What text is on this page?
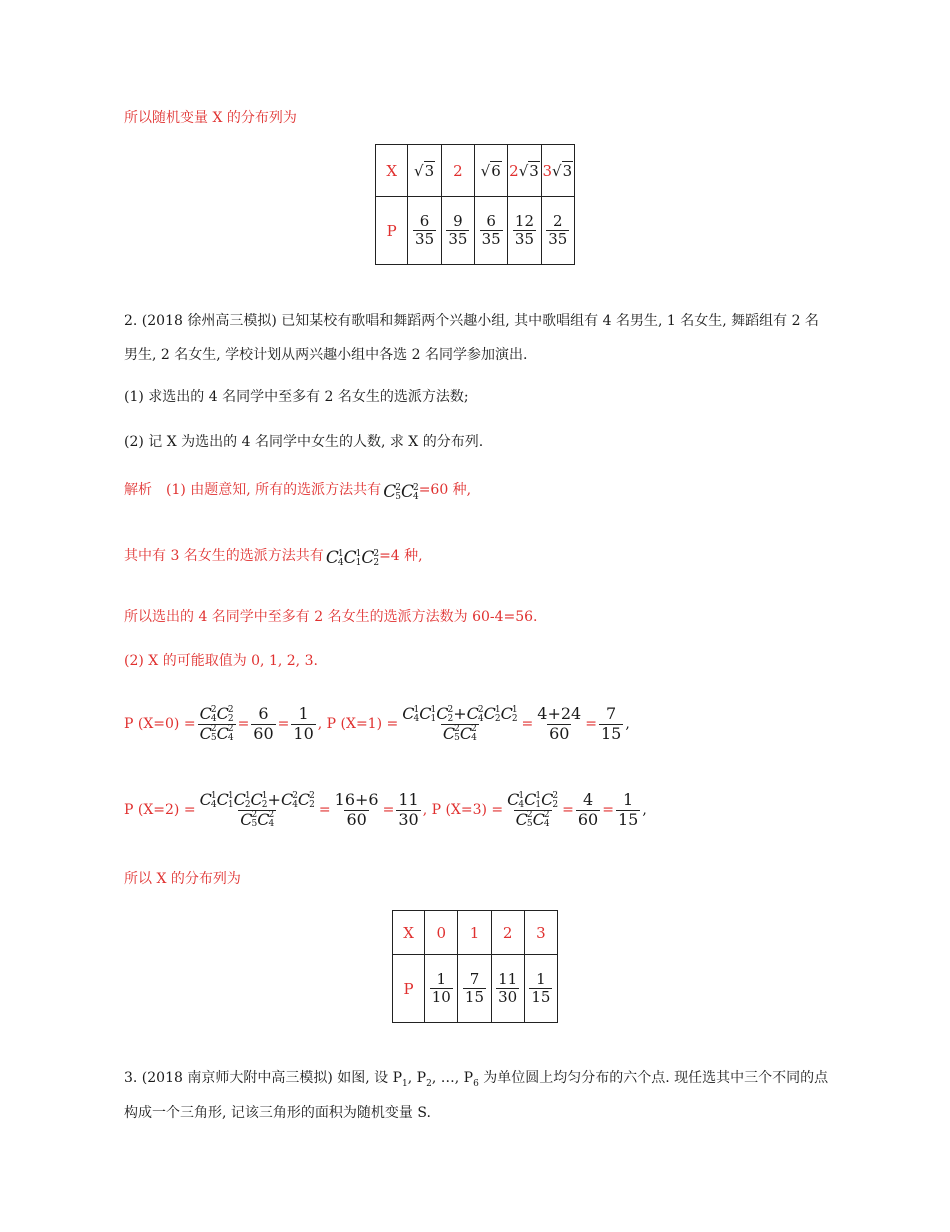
所以随机变量 X 的分布列为
X	√3	2	√6	2√3	3√3
P	$\frac{6}{35}$	$\frac{9}{35}$	$\frac{6}{35}$	$\frac{12}{35}$	$\frac{2}{35}$
2. (2018 徐州高三模拟) 已知某校有歌唱和舞蹈两个兴趣小组, 其中歌唱组有 4 名男生, 1 名女生, 舞蹈组有 2 名
男生, 2 名女生, 学校计划从两兴趣小组中各选 2 名同学参加演出.
(1) 求选出的 4 名同学中至多有 2 名女生的选派方法数;
(2) 记 X 为选出的 4 名同学中女生的人数, 求 X 的分布列.
解析　(1) 由题意知, 所有的选派方法共有 C 2
5 C 2
4 =60 种,
其中有 3 名女生的选派方法共有 C 1
4 C 1
1 C 2
2 =4 种,
所以选出的 4 名同学中至多有 2 名女生的选派方法数为 60-4=56.
(2) X 的可能取值为 0, 1, 2, 3.
P (X=0) = C 2
4 C 2
2
C 2
5 C 2
$4 = \frac{6}{60} = \frac{1}{10}$ , P (X=1) = C 1
4 C 1
1 C 2
2 +C 2
4 C 1
2 C 1
2
C 2
5 C 2
$4 = \frac{4+24}{60} = \frac{7}{15}$ ,
P (X=2) = C 1
4 C 1
1 C 1
2 C 1
2 +C 2
4 C 2
2
C 2
5 C 2
$4 = \frac{16+6}{60} = \frac{11}{30}$ , P (X=3) = C 1
4 C 1
1 C 2
2
C 2
5 C 2
$4 = \frac{4}{60} = \frac{1}{15}$ ,
所以 X 的分布列为
X	0	1	2	3
P	$\frac{1}{10}$	$\frac{7}{15}$	$\frac{11}{30}$	$\frac{1}{15}$
3. (2018 南京师大附中高三模拟) 如图, 设 $P_1$, $P_2$, …, $P_6$ 为单位圆上均匀分布的六个点. 现任选其中三个不同的点
构成一个三角形, 记该三角形的面积为随机变量 S.
